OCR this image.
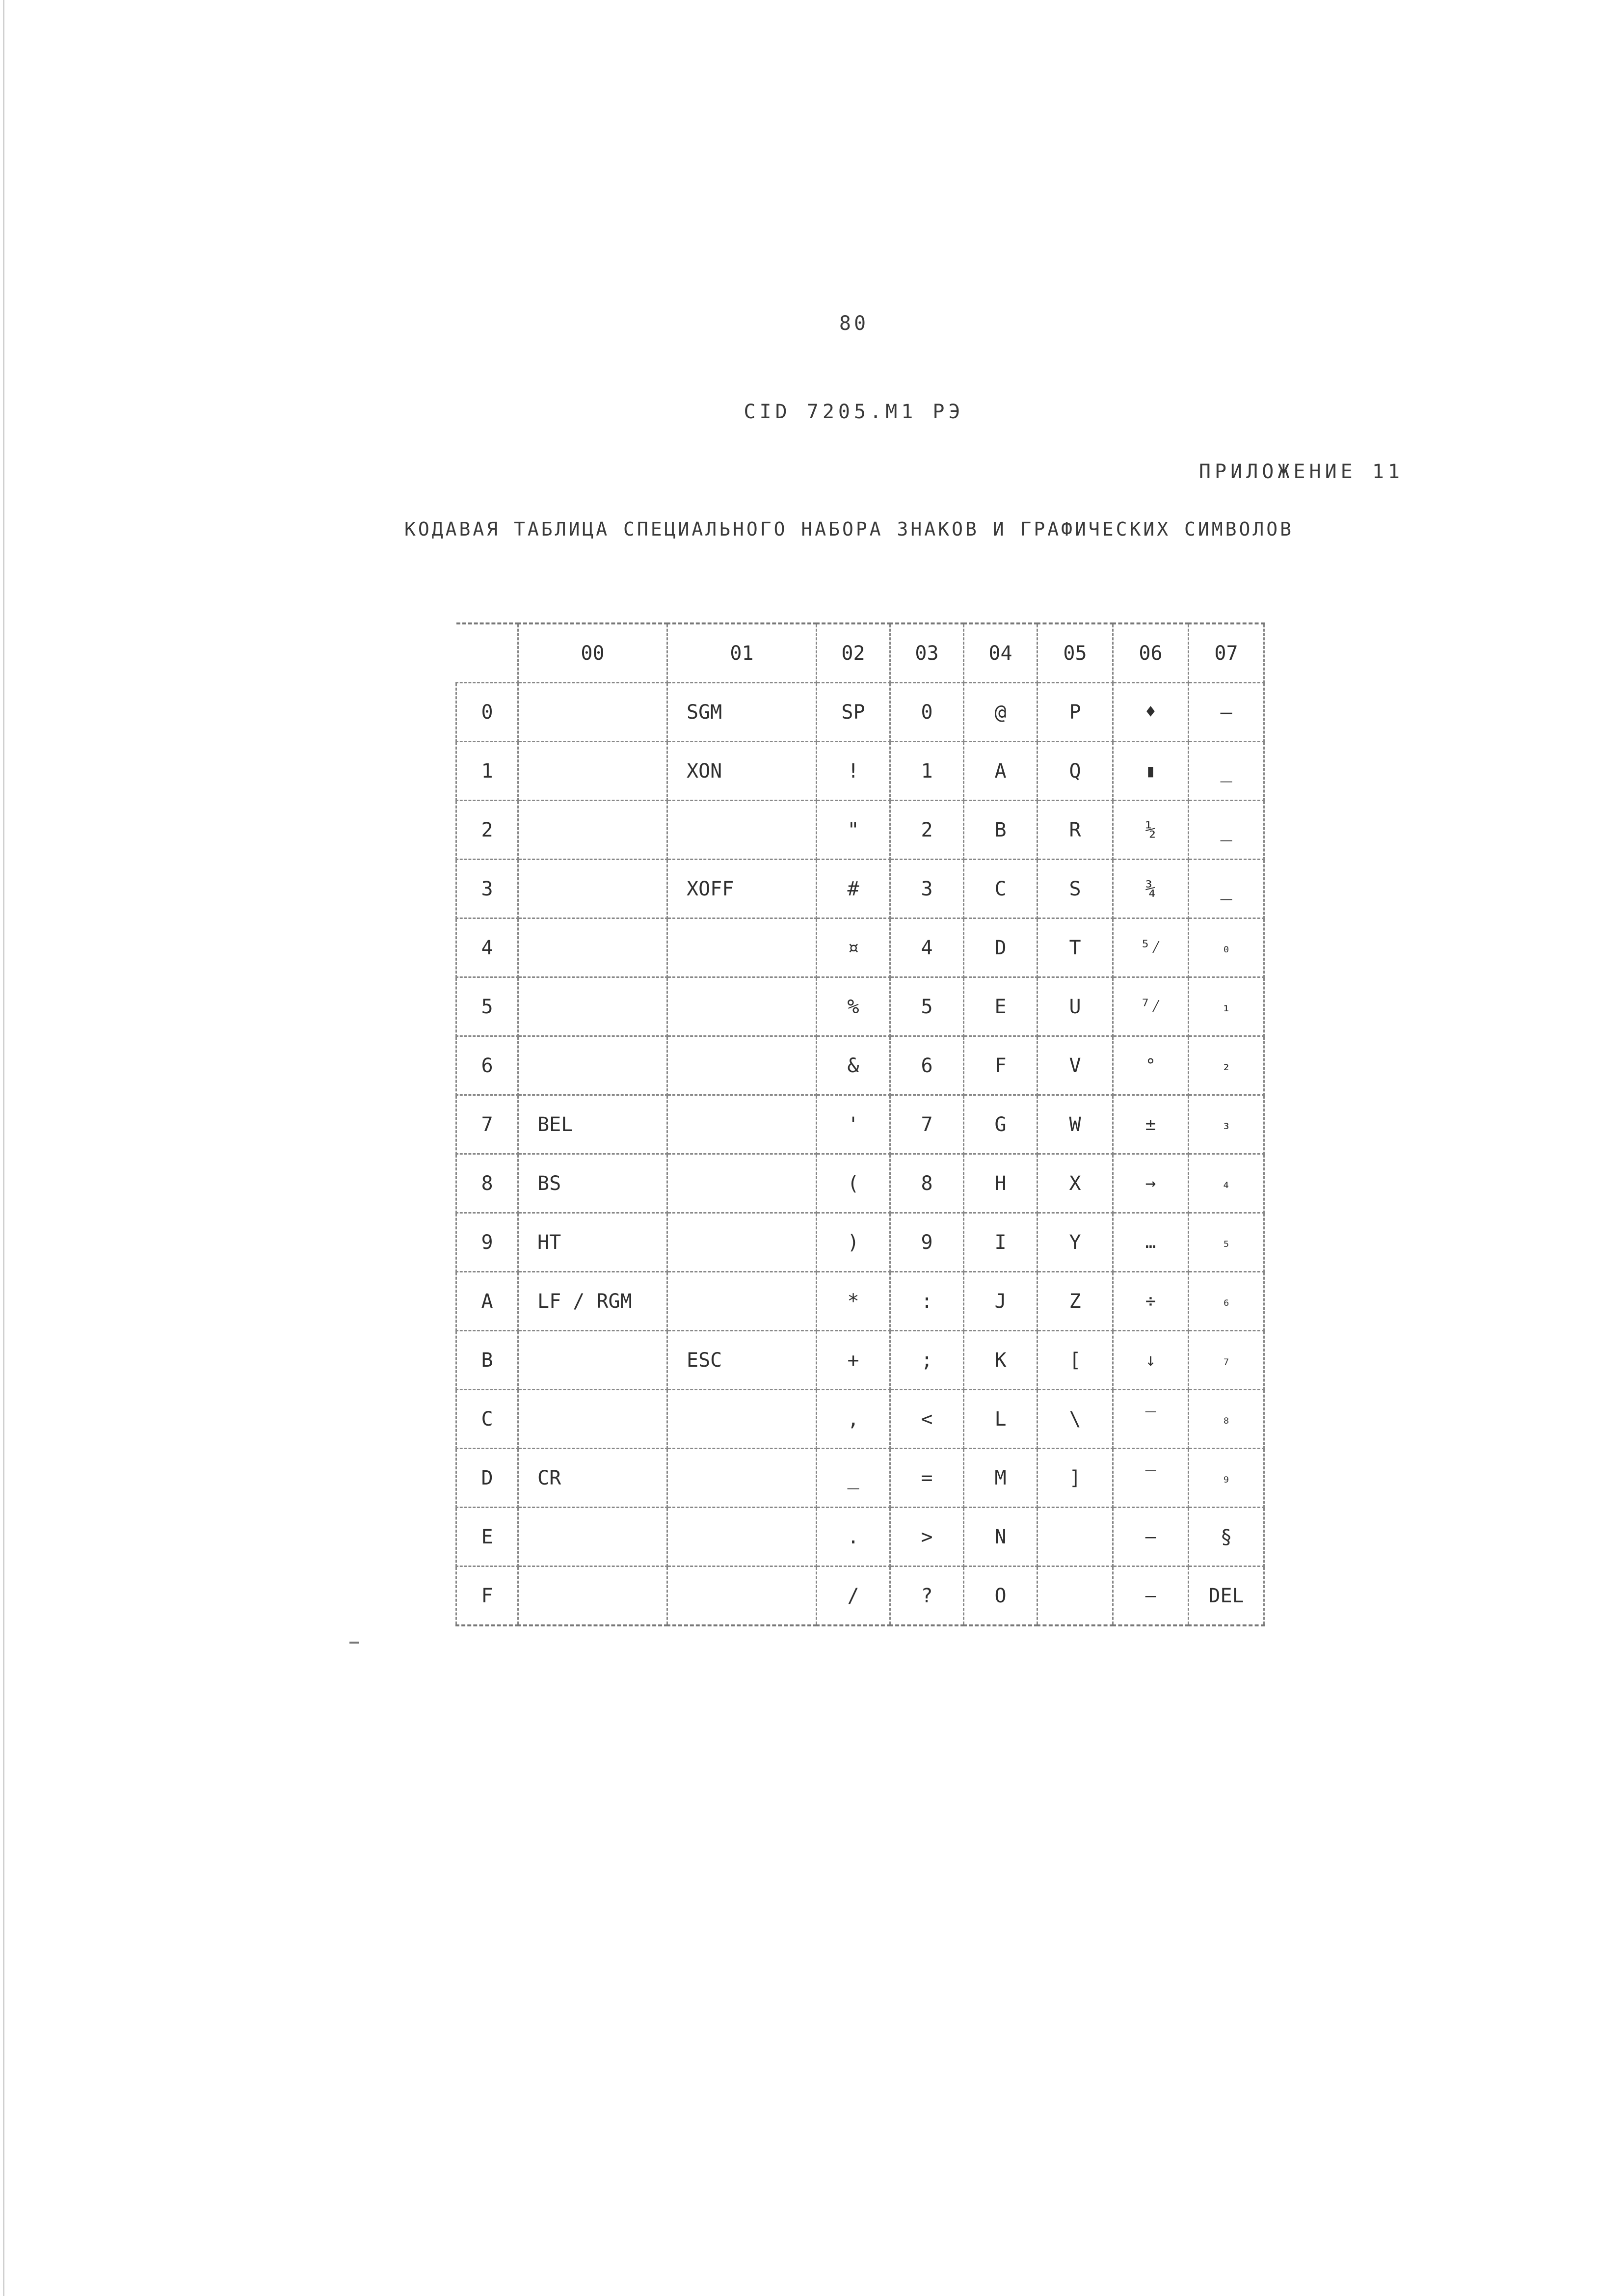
80
CID 7205.M1 РЭ
ПРИЛОЖЕНИЕ 11
КОДАВАЯ ТАБЛИЦА СПЕЦИАЛЬНОГО НАБОРА ЗНАКОВ И ГРАФИЧЕСКИХ СИМВОЛОВ
	00	01	02	03	04	05	06	07
0		SGM	SP	0	@	P	♦	–
1		XON	!	1	A	Q	▮	_
2			"	2	B	R	½	_
3		XOFF	#	3	C	S	¾	_
4			¤	4	D	T	⁵⁄	₀
5			%	5	E	U	⁷⁄	₁
6			&	6	F	V	°	₂
7	BEL		'	7	G	W	±	₃
8	BS		(	8	H	X	→	₄
9	HT		)	9	I	Y	…	₅
A	LF / RGM		*	:	J	Z	÷	₆
B		ESC	+	;	K	[	↓	₇
C			,	<	L	\	‾	₈
D	CR		_	=	M	]	‾	₉
E			.	>	N		–	§
F			/	?	O		–	DEL
